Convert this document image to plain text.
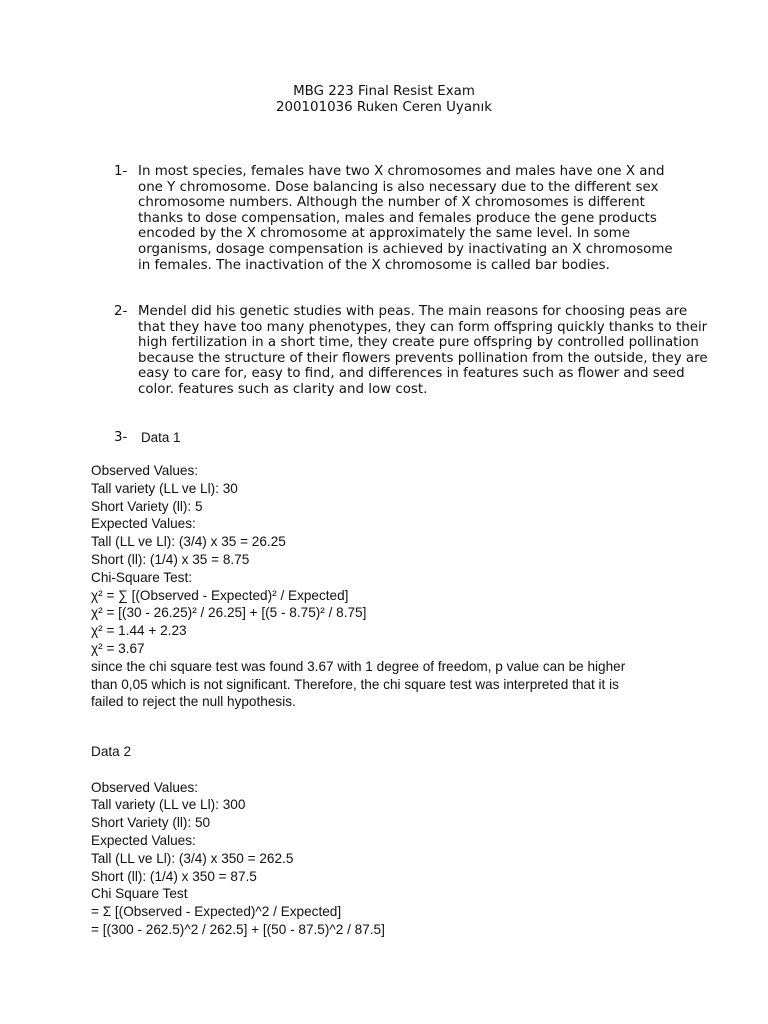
MBG 223 Final Resist Exam
200101036 Ruken Ceren Uyanık
1- In most species, females have two X chromosomes and males have one X and one Y chromosome. Dose balancing is also necessary due to the different sex chromosome numbers. Although the number of X chromosomes is different thanks to dose compensation, males and females produce the gene products encoded by the X chromosome at approximately the same level. In some organisms, dosage compensation is achieved by inactivating an X chromosome in females. The inactivation of the X chromosome is called bar bodies.
2- Mendel did his genetic studies with peas. The main reasons for choosing peas are that they have too many phenotypes, they can form offspring quickly thanks to their high fertilization in a short time, they create pure offspring by controlled pollination because the structure of their flowers prevents pollination from the outside, they are easy to care for, easy to find, and differences in features such as flower and seed color. features such as clarity and low cost.
3- Data 1
Observed Values:
Tall variety (LL ve Ll): 30
Short Variety (ll): 5
Expected Values:
Tall (LL ve Ll): (3/4) x 35 = 26.25
Short (ll): (1/4) x 35 = 8.75
Chi-Square Test:
χ² = ∑ [(Observed - Expected)² / Expected]
χ² = [(30 - 26.25)² / 26.25] + [(5 - 8.75)² / 8.75]
χ² = 1.44 + 2.23
χ² = 3.67
since the chi square test was found 3.67 with 1 degree of freedom, p value can be higher
than 0,05 which is not significant. Therefore, the chi square test was interpreted that it is
failed to reject the null hypothesis.
Data 2
Observed Values:
Tall variety (LL ve Ll): 300
Short Variety (ll): 50
Expected Values:
Tall (LL ve Ll): (3/4) x 350 = 262.5
Short (ll): (1/4) x 350 = 87.5
Chi Square Test
= Σ [(Observed - Expected)^2 / Expected]
= [(300 - 262.5)^2 / 262.5] + [(50 - 87.5)^2 / 87.5]
